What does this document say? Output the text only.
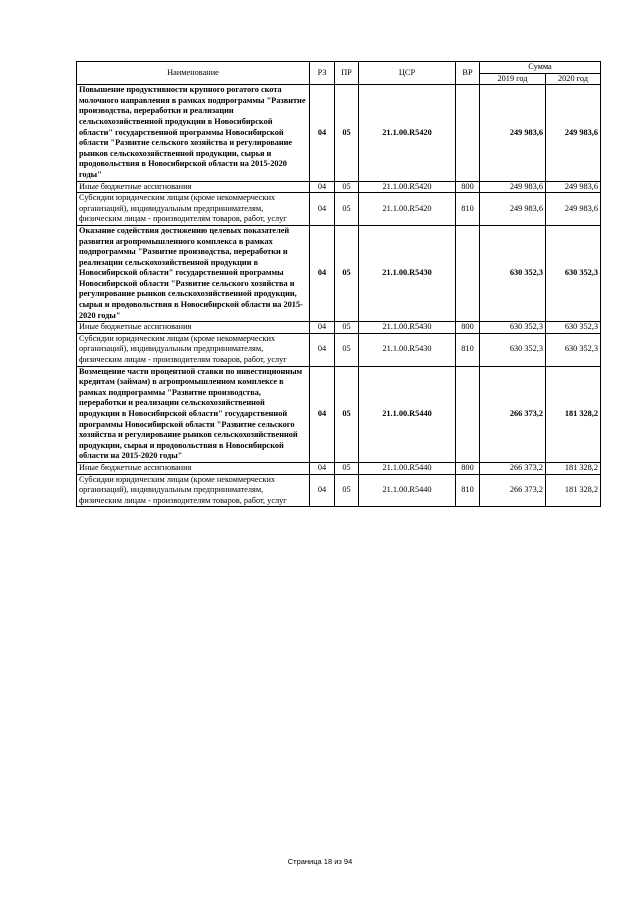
Наименование	РЗ	ПР	ЦСР	ВР	Сумма	
					2019 год	2020 год
Повышение продуктивности крупного рогатого скота молочного направления в рамках подпрограммы "Развитие производства, переработки и реализации сельскохозяйственной продукции в Новосибирской области" государственной программы Новосибирской области "Развитие сельского хозяйства и регулирование рынков сельскохозяйственной продукции, сырья и продовольствия в Новосибирской области на 2015-2020 годы"	04	05	21.1.00.R5420		249 983,6	249 983,6
Иные бюджетные ассигнования	04	05	21.1.00.R5420	800	249 983,6	249 983,6
Субсидии юридическим лицам (кроме некоммерческих организаций), индивидуальным предпринимателям, физическим лицам - производителям товаров, работ, услуг	04	05	21.1.00.R5420	810	249 983,6	249 983,6
Оказание содействия достижению целевых показателей развития агропромышленного комплекса в рамках подпрограммы "Развитие производства, переработки и реализации сельскохозяйственной продукции в Новосибирской области" государственной программы Новосибирской области "Развитие сельского хозяйства и регулирование рынков сельскохозяйственной продукции, сырья и продовольствия в Новосибирской области на 2015-2020 годы"	04	05	21.1.00.R5430		630 352,3	630 352,3
Иные бюджетные ассигнования	04	05	21.1.00.R5430	800	630 352,3	630 352,3
Субсидии юридическим лицам (кроме некоммерческих организаций), индивидуальным предпринимателям, физическим лицам - производителям товаров, работ, услуг	04	05	21.1.00.R5430	810	630 352,3	630 352,3
Возмещение части процентной ставки по инвестиционным кредитам (займам) в агропромышленном комплексе в рамках подпрограммы "Развитие производства, переработки и реализации сельскохозяйственной продукции в Новосибирской области" государственной программы Новосибирской области "Развитие сельского хозяйства и регулирование рынков сельскохозяйственной продукции, сырья и продовольствия в Новосибирской области на 2015-2020 годы"	04	05	21.1.00.R5440		266 373,2	181 328,2
Иные бюджетные ассигнования	04	05	21.1.00.R5440	800	266 373,2	181 328,2
Субсидии юридическим лицам (кроме некоммерческих организаций), индивидуальным предпринимателям, физическим лицам - производителям товаров, работ, услуг	04	05	21.1.00.R5440	810	266 373,2	181 328,2
Страница 18 из 94
